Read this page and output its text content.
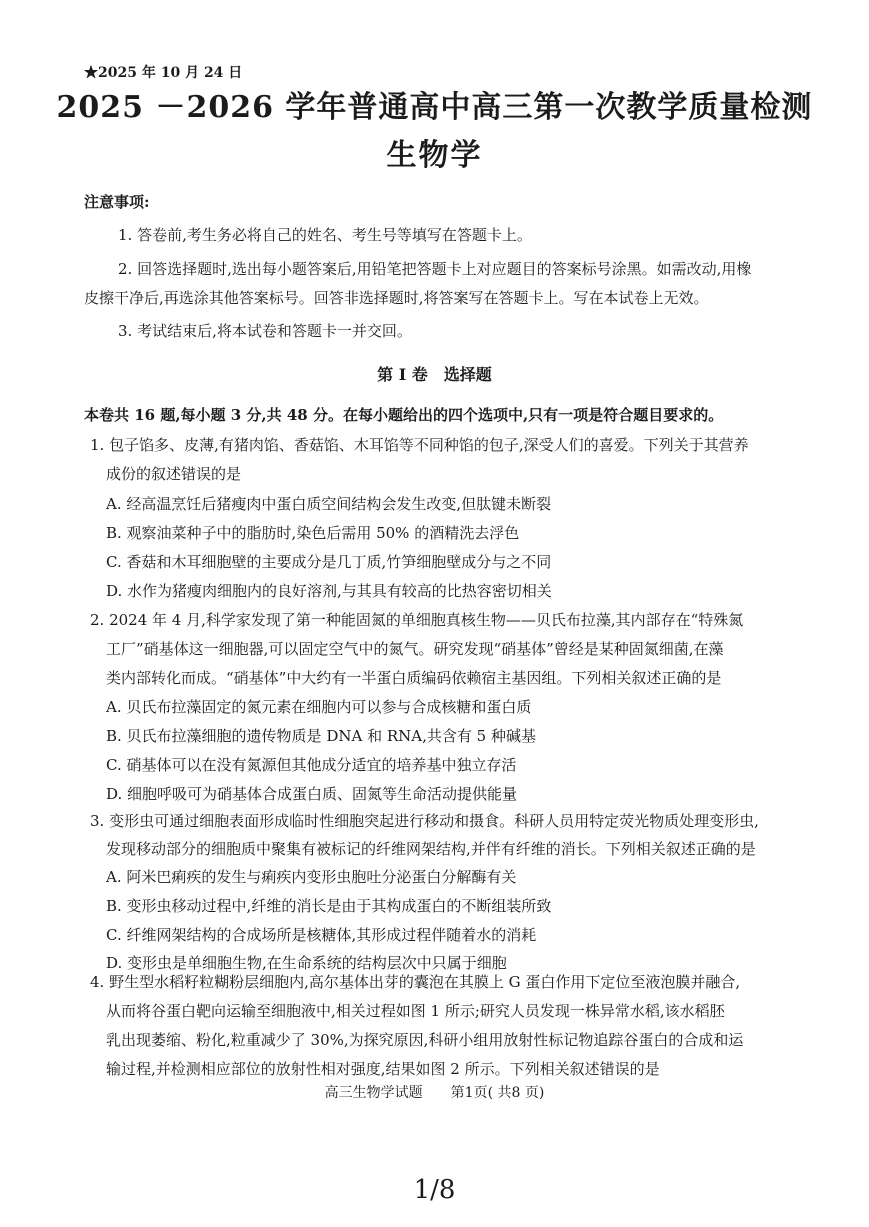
★2025 年 10 月 24 日
2025 －2026 学年普通高中高三第一次教学质量检测
生物学
注意事项:
1. 答卷前,考生务必将自己的姓名、考生号等填写在答题卡上。
2. 回答选择题时,选出每小题答案后,用铅笔把答题卡上对应题目的答案标号涂黑。如需改动,用橡
皮擦干净后,再选涂其他答案标号。回答非选择题时,将答案写在答题卡上。写在本试卷上无效。
3. 考试结束后,将本试卷和答题卡一并交回。
第 Ⅰ 卷　选择题
本卷共 16 题,每小题 3 分,共 48 分。在每小题给出的四个选项中,只有一项是符合题目要求的。
1. 包子馅多、皮薄,有猪肉馅、香菇馅、木耳馅等不同种馅的包子,深受人们的喜爱。下列关于其营养
成份的叙述错误的是
A. 经高温烹饪后猪瘦肉中蛋白质空间结构会发生改变,但肽键未断裂
B. 观察油菜种子中的脂肪时,染色后需用 50% 的酒精洗去浮色
C. 香菇和木耳细胞壁的主要成分是几丁质,竹笋细胞壁成分与之不同
D. 水作为猪瘦肉细胞内的良好溶剂,与其具有较高的比热容密切相关
2. 2024 年 4 月,科学家发现了第一种能固氮的单细胞真核生物——贝氏布拉藻,其内部存在“特殊氮
工厂”硝基体这一细胞器,可以固定空气中的氮气。研究发现“硝基体”曾经是某种固氮细菌,在藻
类内部转化而成。“硝基体”中大约有一半蛋白质编码依赖宿主基因组。下列相关叙述正确的是
A. 贝氏布拉藻固定的氮元素在细胞内可以参与合成核糖和蛋白质
B. 贝氏布拉藻细胞的遗传物质是 DNA 和 RNA,共含有 5 种碱基
C. 硝基体可以在没有氮源但其他成分适宜的培养基中独立存活
D. 细胞呼吸可为硝基体合成蛋白质、固氮等生命活动提供能量
3. 变形虫可通过细胞表面形成临时性细胞突起进行移动和摄食。科研人员用特定荧光物质处理变形虫,
发现移动部分的细胞质中聚集有被标记的纤维网架结构,并伴有纤维的消长。下列相关叙述正确的是
A. 阿米巴痢疾的发生与痢疾内变形虫胞吐分泌蛋白分解酶有关
B. 变形虫移动过程中,纤维的消长是由于其构成蛋白的不断组装所致
C. 纤维网架结构的合成场所是核糖体,其形成过程伴随着水的消耗
D. 变形虫是单细胞生物,在生命系统的结构层次中只属于细胞
4. 野生型水稻籽粒糊粉层细胞内,高尔基体出芽的囊泡在其膜上 G 蛋白作用下定位至液泡膜并融合,
从而将谷蛋白靶向运输至细胞液中,相关过程如图 1 所示;研究人员发现一株异常水稻,该水稻胚
乳出现萎缩、粉化,粒重减少了 30%,为探究原因,科研小组用放射性标记物追踪谷蛋白的合成和运
输过程,并检测相应部位的放射性相对强度,结果如图 2 所示。下列相关叙述错误的是
高三生物学试题　　第1页( 共8 页)
1/8
